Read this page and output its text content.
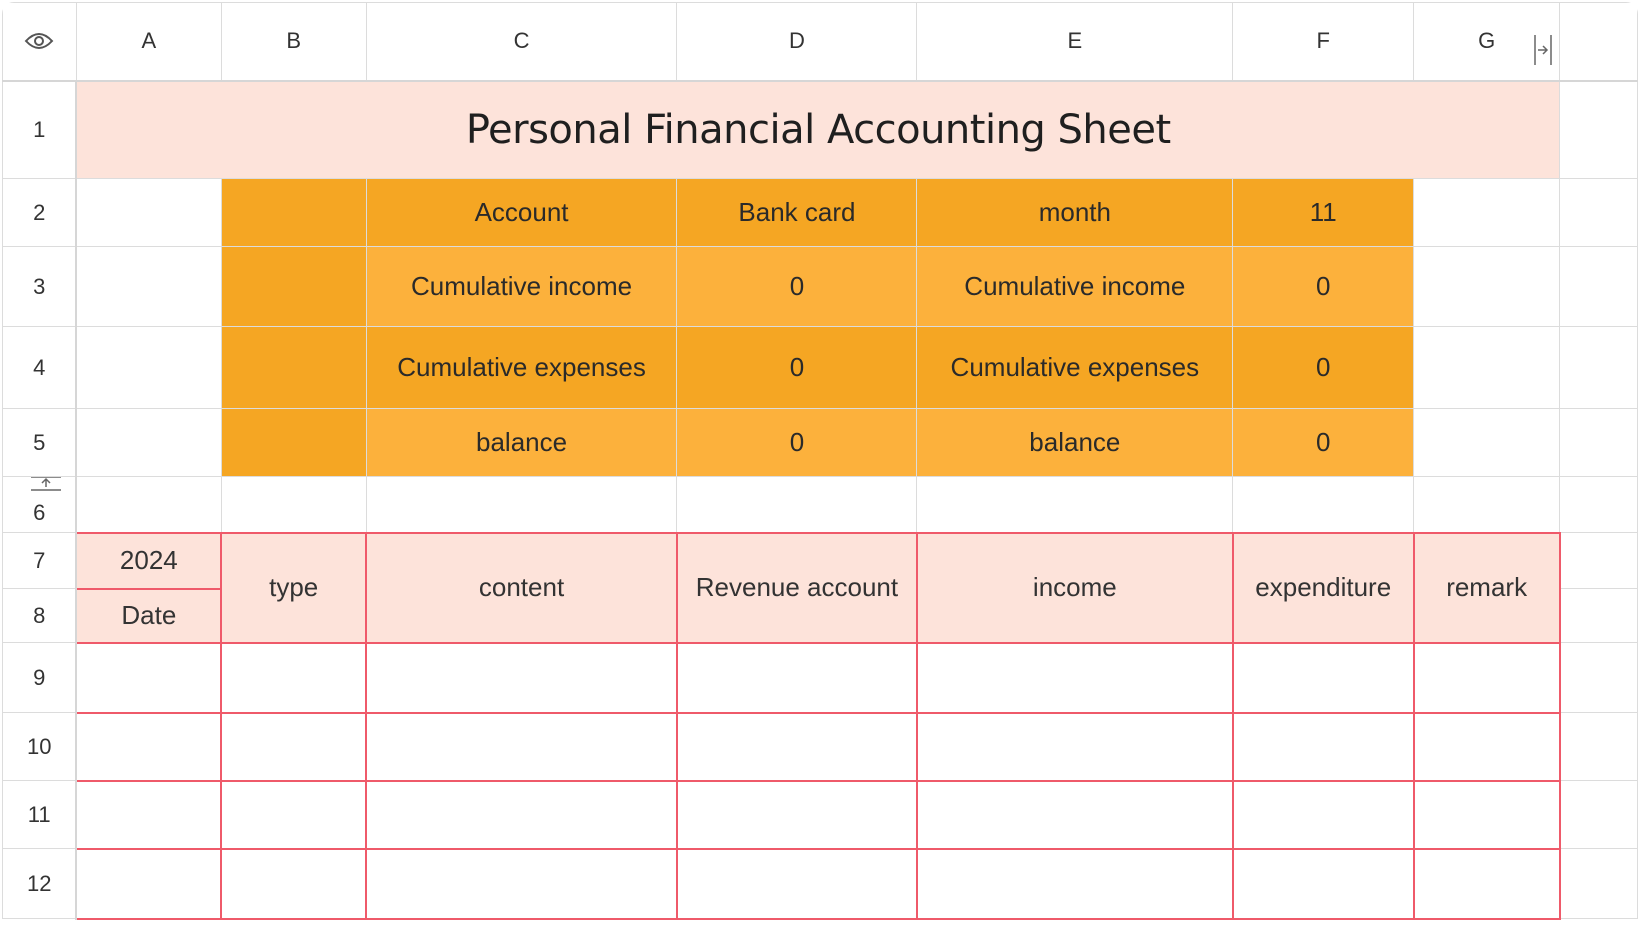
	A	B	C	D	E	F	G

1	Personal Financial Accounting Sheet							
2			Account	Bank card	month	11		
3			Cumulative income	0	Cumulative income	0		
4			Cumulative expenses	0	Cumulative expenses	0		
5			balance	0	balance	0		

6								
7	2024	type	content	Revenue account	income	expenditure	remark	
8	Date							
9								
10								
11								
12								
